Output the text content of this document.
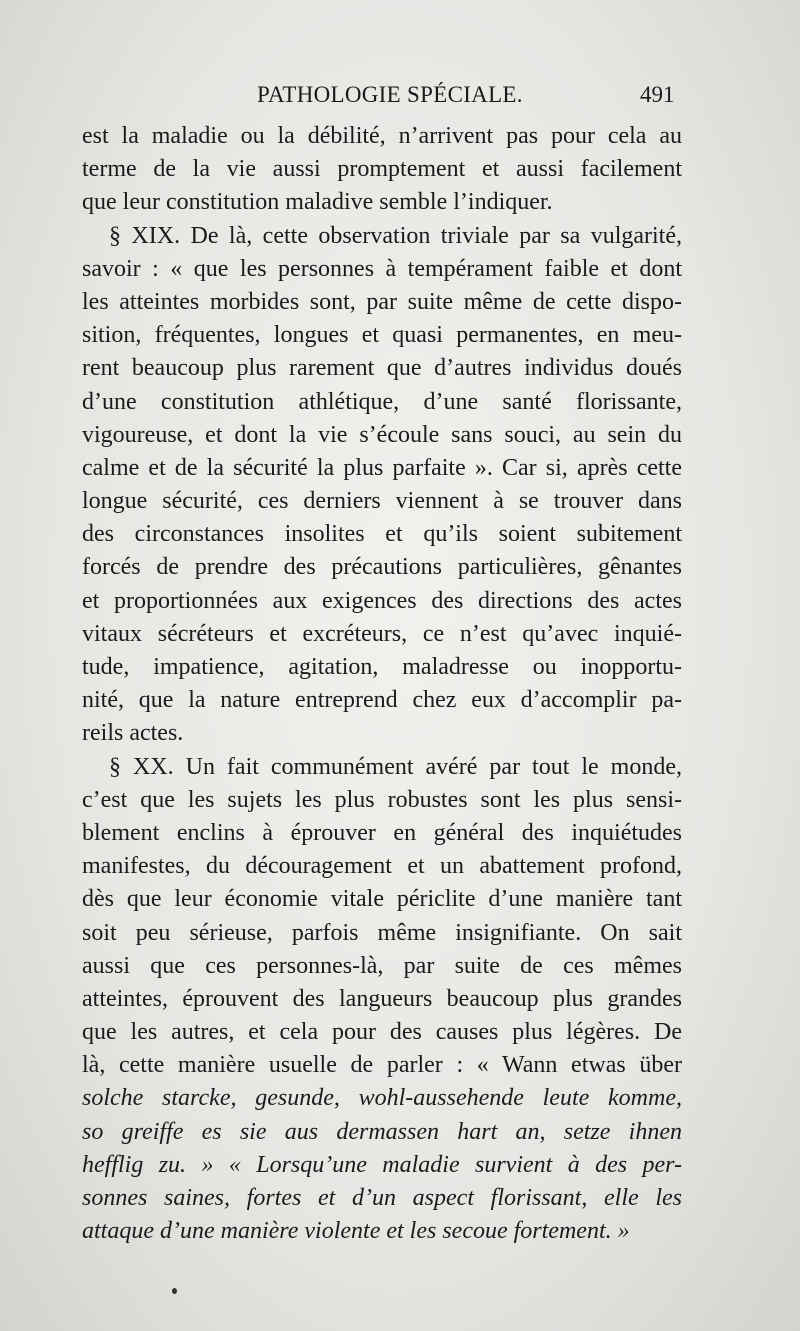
PATHOLOGIE SPÉCIALE.	491
est la maladie ou la débilité, n’arrivent pas pour cela au
terme de la vie aussi promptement et aussi facilement
que leur constitution maladive semble l’indiquer.
§ XIX. De là, cette observation triviale par sa vulgarité,
savoir : « que les personnes à tempérament faible et dont
les atteintes morbides sont, par suite même de cette dispo-
sition, fréquentes, longues et quasi permanentes, en meu-
rent beaucoup plus rarement que d’autres individus doués
d’une constitution athlétique, d’une santé florissante,
vigoureuse, et dont la vie s’écoule sans souci, au sein du
calme et de la sécurité la plus parfaite ». Car si, après cette
longue sécurité, ces derniers viennent à se trouver dans
des circonstances insolites et qu’ils soient subitement
forcés de prendre des précautions particulières, gênantes
et proportionnées aux exigences des directions des actes
vitaux sécréteurs et excréteurs, ce n’est qu’avec inquié-
tude, impatience, agitation, maladresse ou inopportu-
nité, que la nature entreprend chez eux d’accomplir pa-
reils actes.
§ XX. Un fait communément avéré par tout le monde,
c’est que les sujets les plus robustes sont les plus sensi-
blement enclins à éprouver en général des inquiétudes
manifestes, du découragement et un abattement profond,
dès que leur économie vitale périclite d’une manière tant
soit peu sérieuse, parfois même insignifiante. On sait
aussi que ces personnes-là, par suite de ces mêmes
atteintes, éprouvent des langueurs beaucoup plus grandes
que les autres, et cela pour des causes plus légères. De
là, cette manière usuelle de parler : « Wann etwas über
solche starcke, gesunde, wohl-aussehende leute komme,
so greiffe es sie aus dermassen hart an, setze ihnen
hefflig zu. » « Lorsqu’une maladie survient à des per-
sonnes saines, fortes et d’un aspect florissant, elle les
attaque d’une manière violente et les secoue fortement. »
